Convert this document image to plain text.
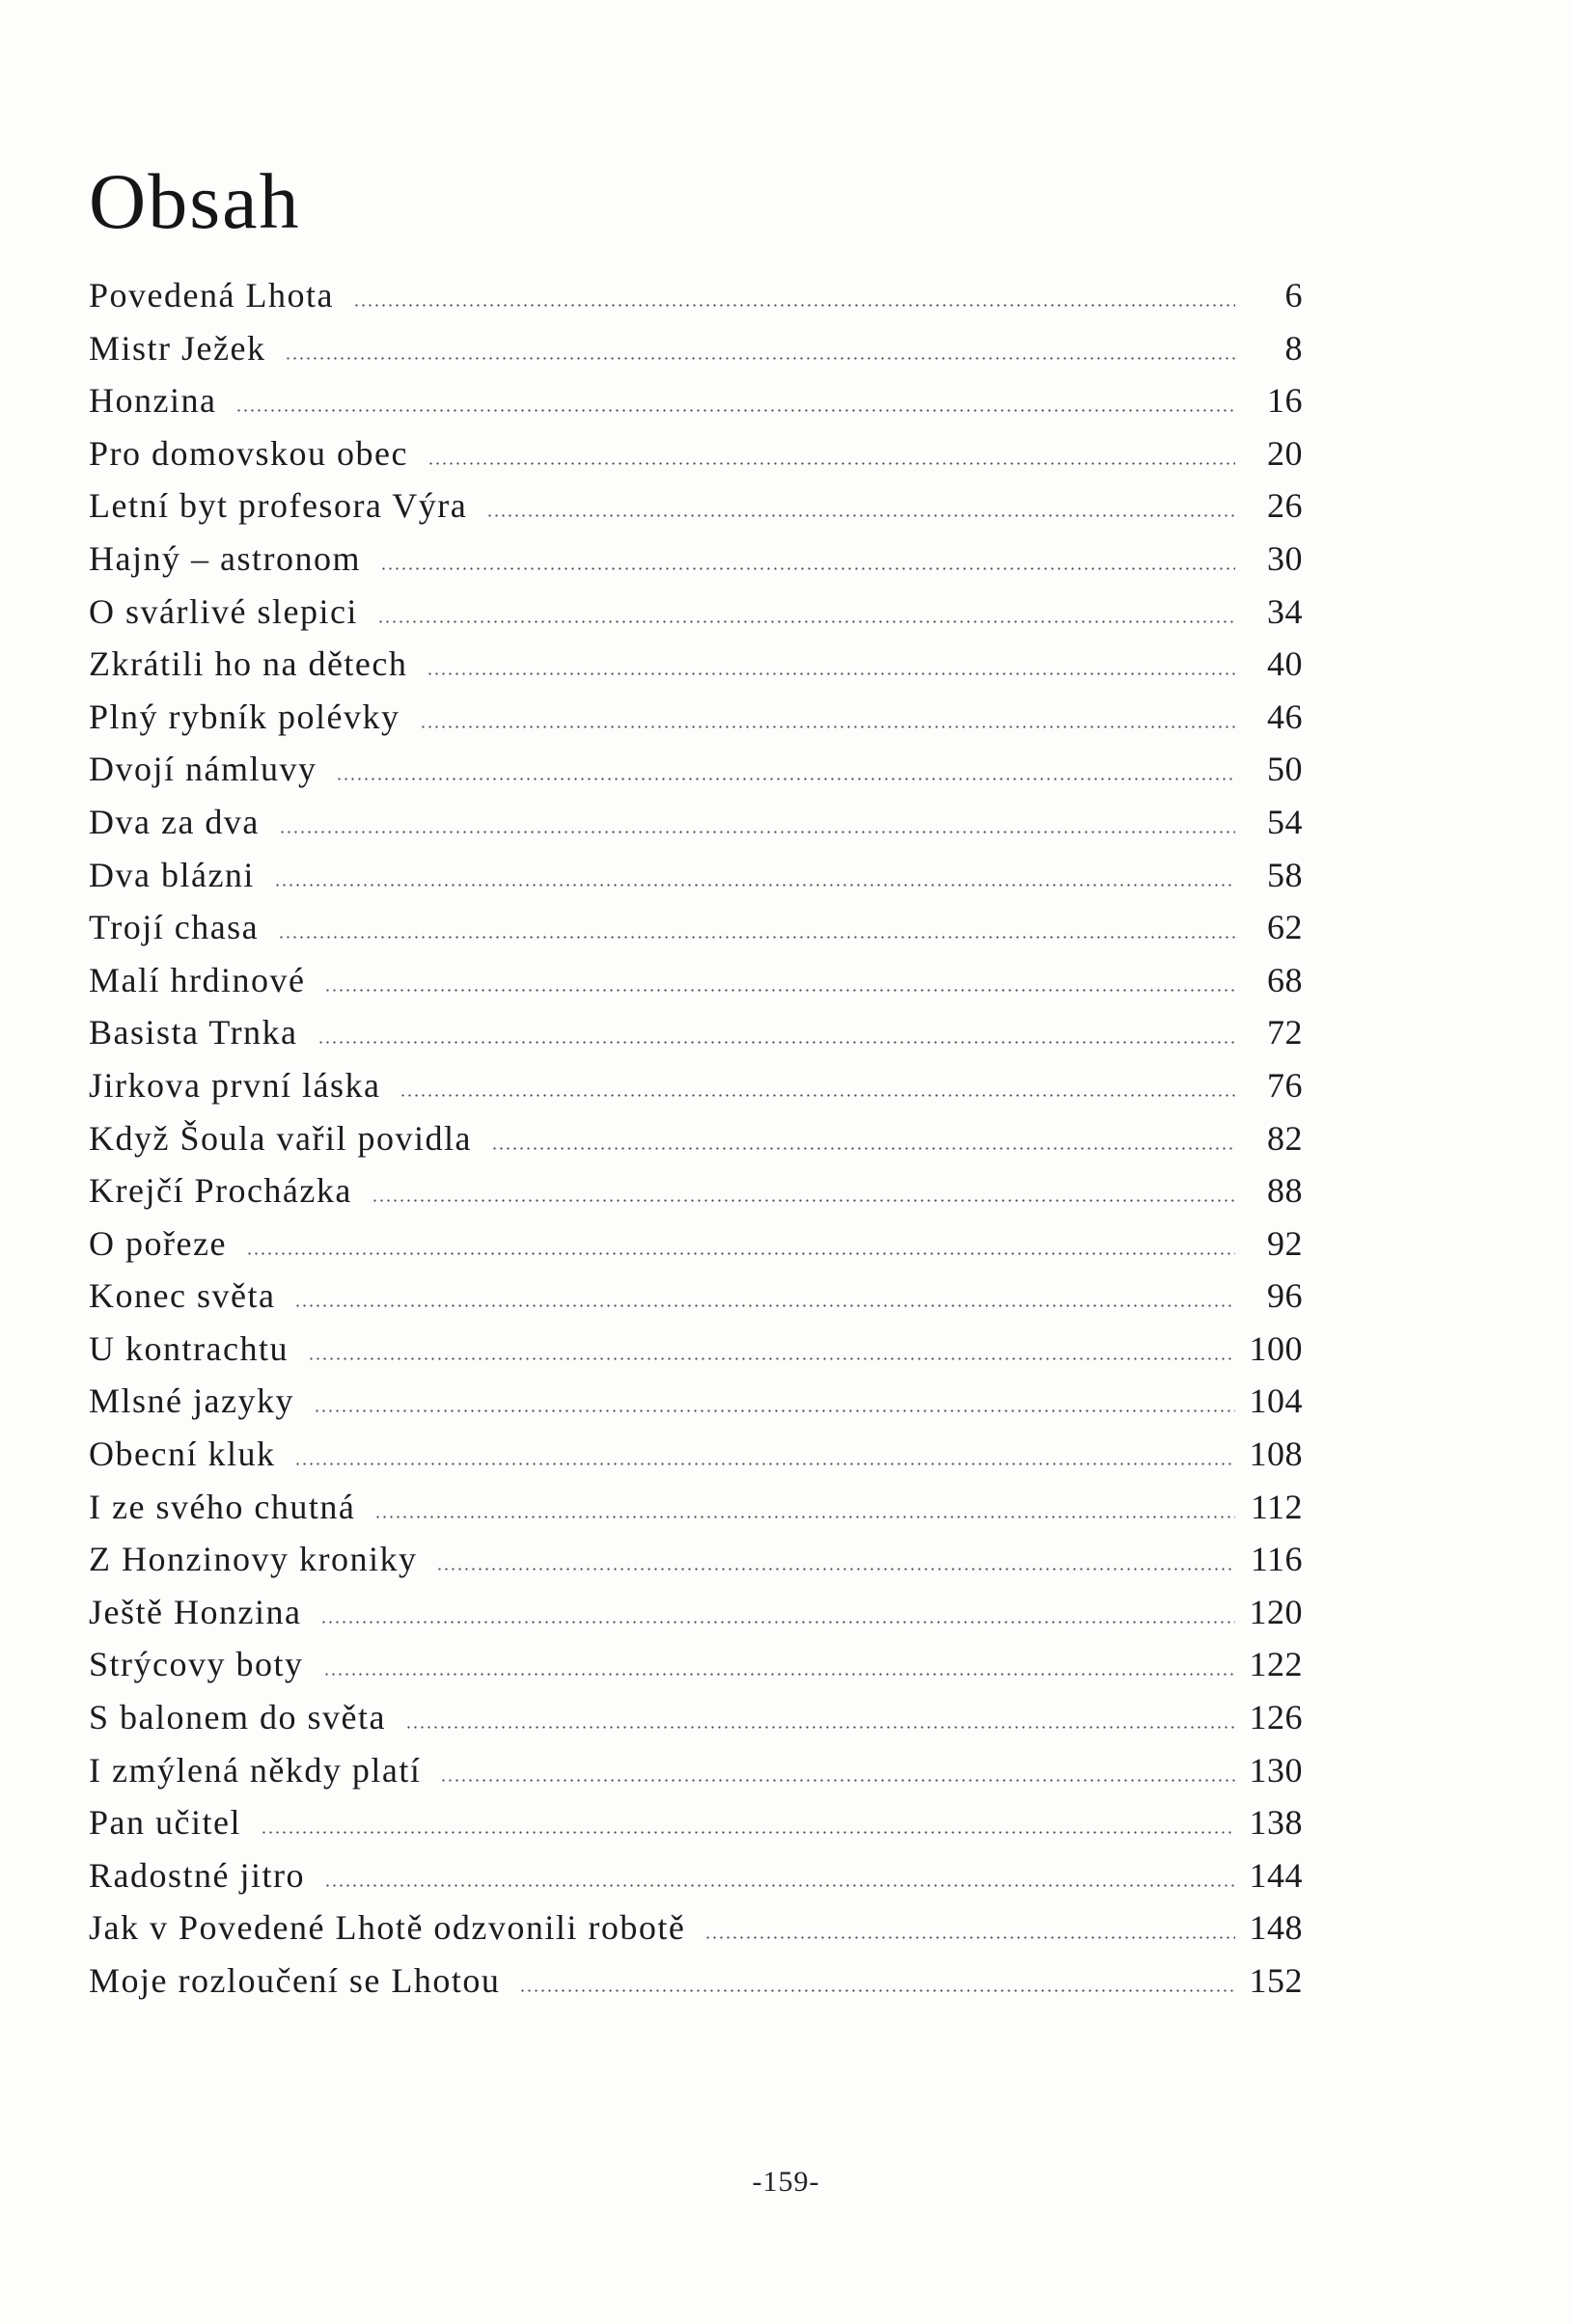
Obsah
Povedená Lhota	6
Mistr Ježek	8
Honzina	16
Pro domovskou obec	20
Letní byt profesora Výra	26
Hajný – astronom	30
O svárlivé slepici	34
Zkrátili ho na dětech	40
Plný rybník polévky	46
Dvojí námluvy	50
Dva za dva	54
Dva blázni	58
Trojí chasa	62
Malí hrdinové	68
Basista Trnka	72
Jirkova první láska	76
Když Šoula vařil povidla	82
Krejčí Procházka	88
O pořeze	92
Konec světa	96
U kontrachtu	100
Mlsné jazyky	104
Obecní kluk	108
I ze svého chutná	112
Z Honzinovy kroniky	116
Ještě Honzina	120
Strýcovy boty	122
S balonem do světa	126
I zmýlená někdy platí	130
Pan učitel	138
Radostné jitro	144
Jak v Povedené Lhotě odzvonili robotě	148
Moje rozloučení se Lhotou	152
-159-
